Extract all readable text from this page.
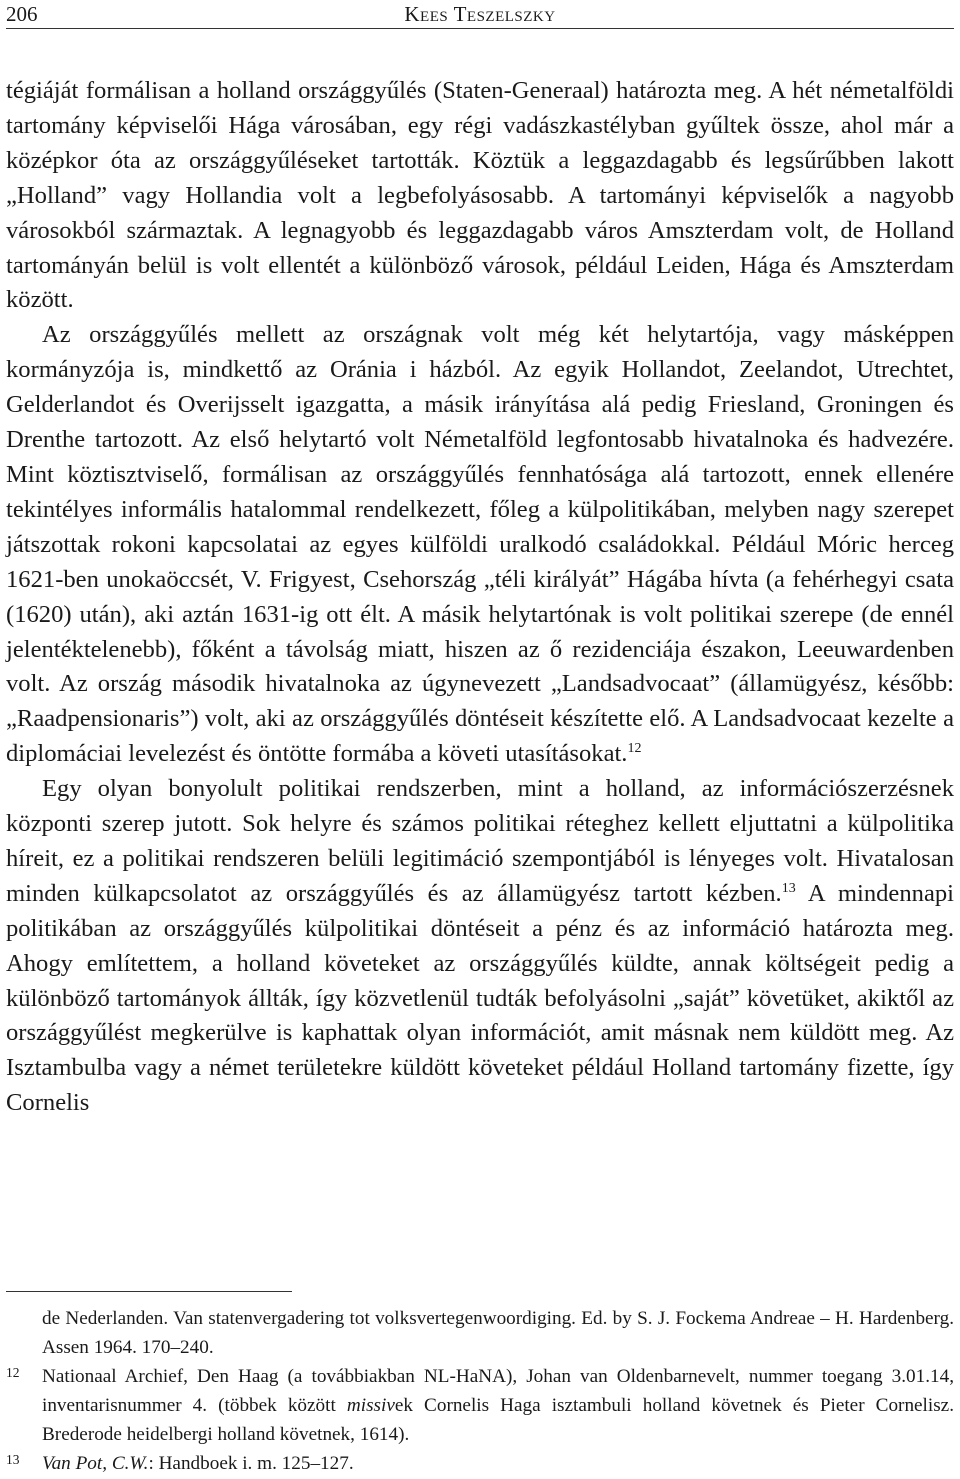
206	Kees Teszelszky

tégiáját formálisan a holland országgyűlés (Staten-Generaal) határozta meg. A hét németalföldi tartomány képviselői Hága városában, egy régi vadászkastélyban gyűltek össze, ahol már a középkor óta az országgyűléseket tartották. Köztük a leggazdagabb és legsűrűbben lakott „Holland” vagy Hollandia volt a legbefolyásosabb. A tartományi képviselők a nagyobb városokból származtak. A legnagyobb és leggazdagabb város Amszterdam volt, de Holland tartományán belül is volt ellentét a különböző városok, például Leiden, Hága és Amszterdam között.

Az országgyűlés mellett az országnak volt még két helytartója, vagy másképpen kormányzója is, mindkettő az Oránia i házból. Az egyik Hollandot, Zeelandot, Utrechtet, Gelderlandot és Overijsselt igazgatta, a másik irányítása alá pedig Friesland, Groningen és Drenthe tartozott. Az első helytartó volt Németalföld legfontosabb hivatalnoka és hadvezére. Mint köztisztviselő, formálisan az országgyűlés fennhatósága alá tartozott, ennek ellenére tekintélyes informális hatalommal rendelkezett, főleg a külpolitikában, melyben nagy szerepet játszottak rokoni kapcsolatai az egyes külföldi uralkodó családokkal. Például Móric herceg 1621-ben unokaöccsét, V. Frigyest, Csehország „téli királyát” Hágába hívta (a fehérhegyi csata (1620) után), aki aztán 1631-ig ott élt. A másik helytartónak is volt politikai szerepe (de ennél jelentéktelenebb), főként a távolság miatt, hiszen az ő rezidenciája északon, Leeuwardenben volt. Az ország második hivatalnoka az úgynevezett „Landsadvocaat” (államügyész, később: „Raadpensionaris”) volt, aki az országgyűlés döntéseit készítette elő. A Landsadvocaat kezelte a diplomáciai levelezést és öntötte formába a követi utasításokat.$^{12}$

Egy olyan bonyolult politikai rendszerben, mint a holland, az információszerzésnek központi szerep jutott. Sok helyre és számos politikai réteghez kellett eljuttatni a külpolitika híreit, ez a politikai rendszeren belüli legitimáció szempontjából is lényeges volt. Hivatalosan minden külkapcsolatot az országgyűlés és az államügyész tartott kézben.$^{13}$ A mindennapi politikában az országgyűlés külpolitikai döntéseit a pénz és az információ határozta meg. Ahogy említettem, a holland követeket az országgyűlés küldte, annak költségeit pedig a különböző tartományok állták, így közvetlenül tudták befolyásolni „saját” követüket, akiktől az országgyűlést megkerülve is kaphattak olyan információt, amit másnak nem küldött meg. Az Isztambulba vagy a német területekre küldött követeket például Holland tartomány fizette, így Cornelis

de Nederlanden. Van statenvergadering tot volksvertegenwoordiging. Ed. by S. J. Fockema Andreae – H. Hardenberg. Assen 1964. 170–240.
12 Nationaal Archief, Den Haag (a továbbiakban NL-HaNA), Johan van Oldenbarnevelt, nummer toegang 3.01.14, inventarisnummer 4. (többek között missivek Cornelis Haga isztambuli holland követnek és Pieter Cornelisz. Brederode heidelbergi holland követnek, 1614).
13 Van Pot, C.W.: Handboek i. m. 125–127.
